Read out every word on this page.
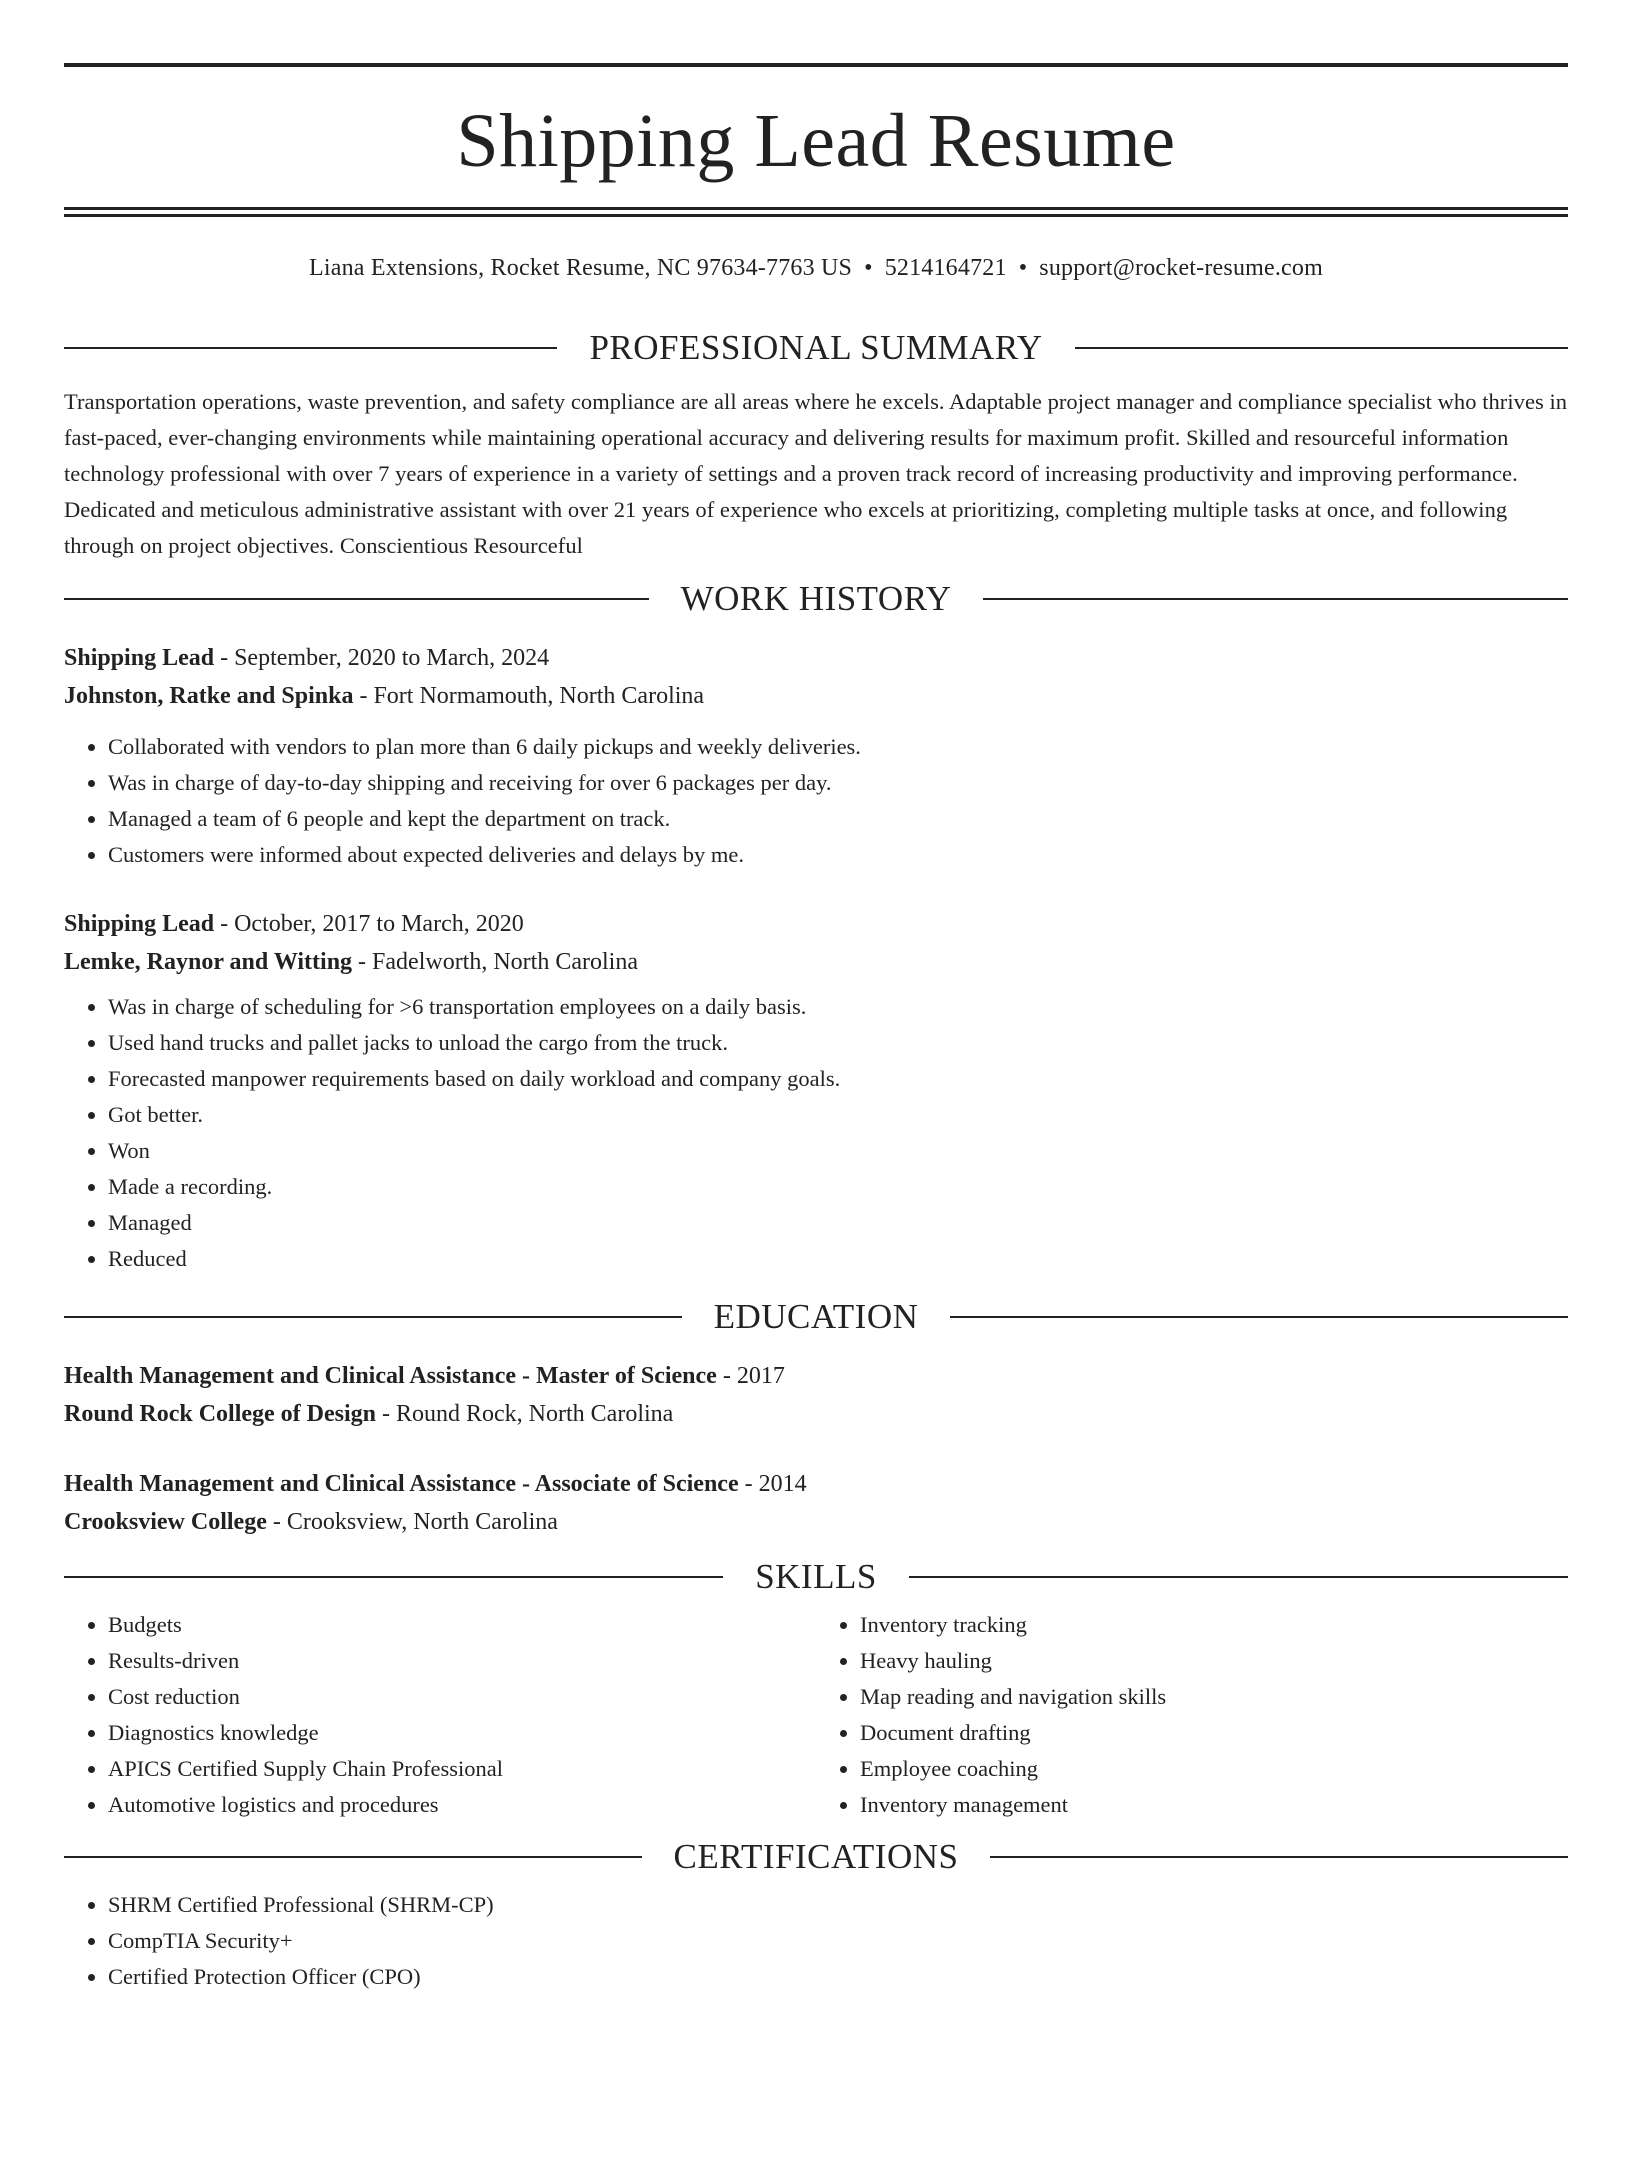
Shipping Lead Resume
Liana Extensions, Rocket Resume, NC 97634-7763 US • 5214164721 • support@rocket-resume.com
PROFESSIONAL SUMMARY

Transportation operations, waste prevention, and safety compliance are all areas where he excels. Adaptable project manager and compliance specialist who thrives in fast-paced, ever-changing environments while maintaining operational accuracy and delivering results for maximum profit. Skilled and resourceful information technology professional with over 7 years of experience in a variety of settings and a proven track record of increasing productivity and improving performance. Dedicated and meticulous administrative assistant with over 21 years of experience who excels at prioritizing, completing multiple tasks at once, and following through on project objectives. Conscientious Resourceful

WORK HISTORY

Shipping Lead - September, 2020 to March, 2024

Johnston, Ratke and Spinka - Fort Normamouth, North Carolina

• Collaborated with vendors to plan more than 6 daily pickups and weekly deliveries.
• Was in charge of day-to-day shipping and receiving for over 6 packages per day.
• Managed a team of 6 people and kept the department on track.
• Customers were informed about expected deliveries and delays by me.

Shipping Lead - October, 2017 to March, 2020

Lemke, Raynor and Witting - Fadelworth, North Carolina

• Was in charge of scheduling for >6 transportation employees on a daily basis.
• Used hand trucks and pallet jacks to unload the cargo from the truck.
• Forecasted manpower requirements based on daily workload and company goals.
• Got better.
• Won
• Made a recording.
• Managed
• Reduced
EDUCATION

Health Management and Clinical Assistance - Master of Science - 2017

Round Rock College of Design - Round Rock, North Carolina

Health Management and Clinical Assistance - Associate of Science - 2014

Crooksview College - Crooksview, North Carolina

SKILLS
• Budgets
• Results-driven
• Cost reduction
• Diagnostics knowledge
• APICS Certified Supply Chain Professional
• Automotive logistics and procedures
• Inventory tracking
• Heavy hauling
• Map reading and navigation skills
• Document drafting
• Employee coaching
• Inventory management
CERTIFICATIONS
• SHRM Certified Professional (SHRM-CP)
• CompTIA Security+
• Certified Protection Officer (CPO)
